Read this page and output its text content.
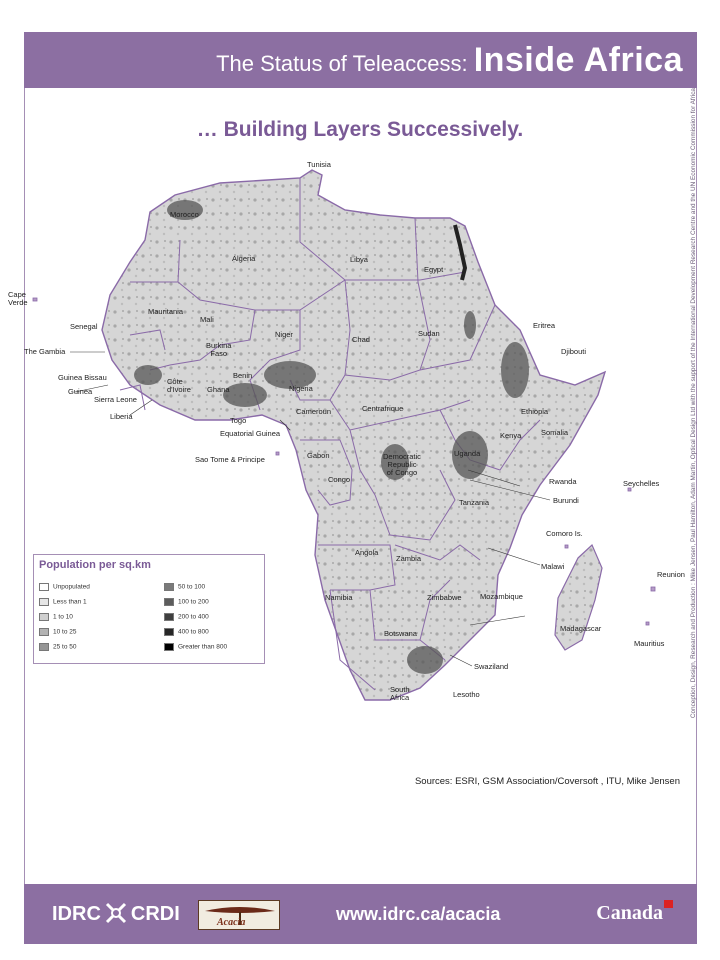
The Status of Teleaccess: Inside Africa
… Building Layers Successively.
Tunisia
Morocco
Algeria	Libya
Egypt
Cape
Verde
Mauritania
Mali
Niger
Chad
Sudan
Eritrea
Djibouti
Senegal
The Gambia
Burkina
Faso
Benin
Guinea Bissau
Guinea
Sierra Leone
Côte
d'Ivoire Ghana	Nigeria
Liberia	Togo
Cameroun	Centrafrique	Ethiopia
Somalia
Equatorial Guinea	Kenya
Uganda
Sao Tome & Principe	Gabon	Democratic
Republic
of Congo
Rwanda	Seychelles
Congo
Burundi
Tanzania
Comoro Is.
Angola
Zambia
Malawi
Reunion
Zimbabwe Mozambique
Namibia
Madagascar
Botswana
Mauritius
Swaziland
South
Africa	Lesotho
Population per sq.km
Unpopulated
Less than 1
1 to 10
10 to 25
25 to 50
50 to 100
100 to 200
200 to 400
400 to 800
Greater than 800
Sources: ESRI, GSM Association/Coversoft , ITU, Mike Jensen
Conception, Design, Research and Production : Mike Jensen, Paul Hamilton, Adam Martin, Optical Design Ltd with the support of the International Development Research Centre and the UN Economic Commission for Africa
IDRC CRDI	Acacia	www.idrc.ca/acacia	Canada
